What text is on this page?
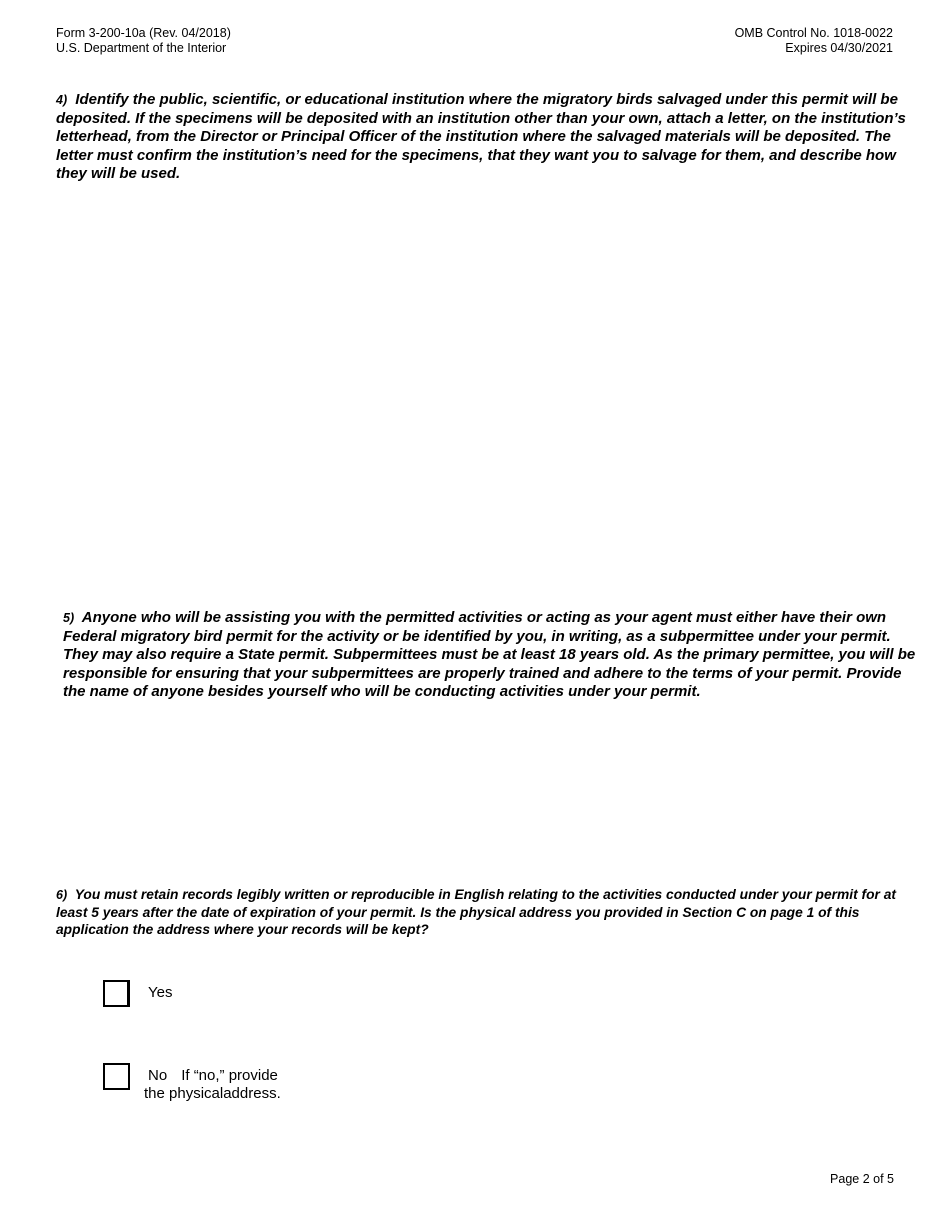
Form 3-200-10a (Rev. 04/2018)
U.S. Department of the Interior
OMB Control No. 1018-0022
Expires 04/30/2021
4) Identify the public, scientific, or educational institution where the migratory birds salvaged under this permit will be deposited. If the specimens will be deposited with an institution other than your own, attach a letter, on the institution’s letterhead, from the Director or Principal Officer of the institution where the salvaged materials will be deposited. The letter must confirm the institution’s need for the specimens, that they want you to salvage for them, and describe how they will be used.
5) Anyone who will be assisting you with the permitted activities or acting as your agent must either have their own Federal migratory bird permit for the activity or be identified by you, in writing, as a subpermittee under your permit. They may also require a State permit. Subpermittees must be at least 18 years old. As the primary permittee, you will be responsible for ensuring that your subpermittees are properly trained and adhere to the terms of your permit. Provide the name of anyone besides yourself who will be conducting activities under your permit.
6) You must retain records legibly written or reproducible in English relating to the activities conducted under your permit for at least 5 years after the date of expiration of your permit. Is the physical address you provided in Section C on page 1 of this application the address where your records will be kept?
Yes
No If “no,” provide
the physicaladdress.
Page 2 of 5
